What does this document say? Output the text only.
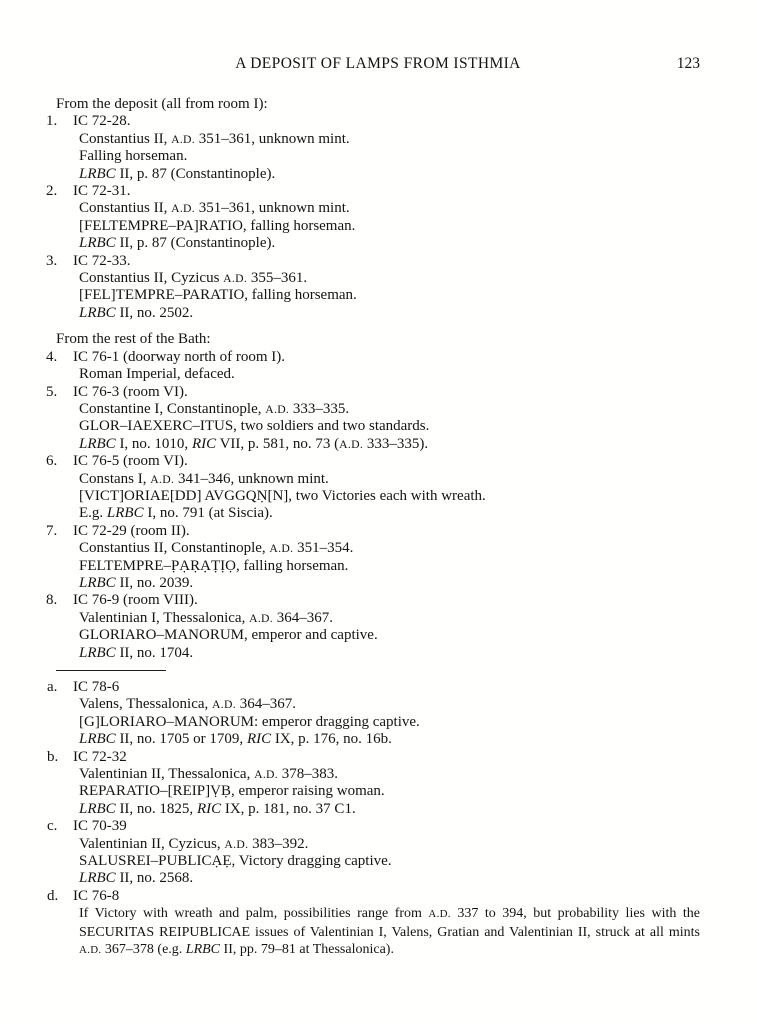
A DEPOSIT OF LAMPS FROM ISTHMIA	123
From the deposit (all from room I):
1. IC 72-28.
Constantius II, A.D. 351–361, unknown mint.
Falling horseman.
LRBC II, p. 87 (Constantinople).
2. IC 72-31.
Constantius II, A.D. 351–361, unknown mint.
[FELTEMPRE–PA]RATIO, falling horseman.
LRBC II, p. 87 (Constantinople).
3. IC 72-33.
Constantius II, Cyzicus A.D. 355–361.
[FEL]TEMPRE–PARATIO, falling horseman.
LRBC II, no. 2502.
From the rest of the Bath:
4. IC 76-1 (doorway north of room I).
Roman Imperial, defaced.
5. IC 76-3 (room VI).
Constantine I, Constantinople, A.D. 333–335.
GLOR–IAEXERC–ITUS, two soldiers and two standards.
LRBC I, no. 1010, RIC VII, p. 581, no. 73 (A.D. 333–335).
6. IC 76-5 (room VI).
Constans I, A.D. 341–346, unknown mint.
[VICT]ORIAE[DD] AVGGQṆ[N], two Victories each with wreath.
E.g. LRBC I, no. 791 (at Siscia).
7. IC 72-29 (room II).
Constantius II, Constantinople, A.D. 351–354.
FELTEMPRE–P̣ẠṚẠṬỊỌ, falling horseman.
LRBC II, no. 2039.
8. IC 76-9 (room VIII).
Valentinian I, Thessalonica, A.D. 364–367.
GLORIARO–MANORUM, emperor and captive.
LRBC II, no. 1704.
a. IC 78-6
Valens, Thessalonica, A.D. 364–367.
[G]LORIARO–MANORUM: emperor dragging captive.
LRBC II, no. 1705 or 1709, RIC IX, p. 176, no. 16b.
b. IC 72-32
Valentinian II, Thessalonica, A.D. 378–383.
REPARATIO–[REIP]ṾḄ, emperor raising woman.
LRBC II, no. 1825, RIC IX, p. 181, no. 37 C1.
c. IC 70-39
Valentinian II, Cyzicus, A.D. 383–392.
SALUSREI–PUBLICẠẸ, Victory dragging captive.
LRBC II, no. 2568.
d. IC 76-8
If Victory with wreath and palm, possibilities range from A.D. 337 to 394, but probability lies with the SECURITAS REIPUBLICAE issues of Valentinian I, Valens, Gratian and Valentinian II, struck at all mints A.D. 367–378 (e.g. LRBC II, pp. 79–81 at Thessalonica).
